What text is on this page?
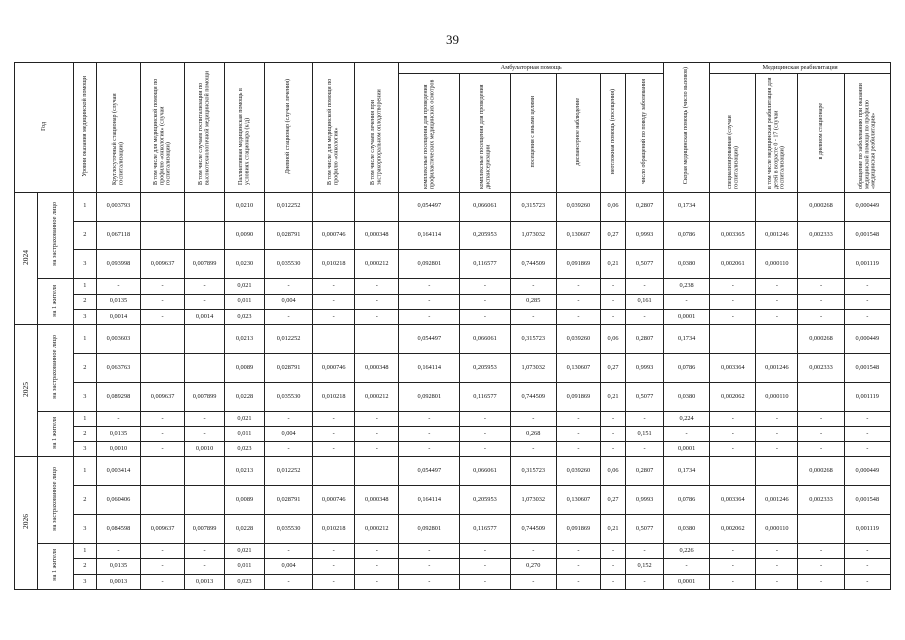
39
Год		Уровни оказания медицинской помощи	Круглосуточный стационар (случаи госпитализации)	В том числе для медицинской помощи по профилю «онкология» (случаи госпитализации)	В том числе случаев госпитализации по высокотехнологичной медицинской помощи	Паллиативная медицинская помощь в условиях стационара (к/д)	Дневной стационар (случаи лечения)	В том числе для медицинской помощи по профилю «онкология»	В том числе случаев лечения при экстракорпоральном оплодотворении	Амбулаторная помощь						Скорая медицинская помощь (число вызовов)	Медицинская реабилитация			
										комплексные посещения для проведения профилактических медицинских осмотров	комплексные посещения для проведения диспансеризации	посещения с иными целями	диспансерное наблюдение	неотложная помощь (посещения)	число обращений по поводу заболевания		специализированная (случаи госпитализации)	в том числе медицинская реабилитация для детей в возрасте 0 - 17 (случаи госпитализации)	в дневном стационаре	обращение по заболеванию при оказании медицинской помощи по профилю «медицинская реабилитация»
2024	на застрахованное лицо	1	0,003793			0,0210	0,012252			0,054497	0,066061	0,315723	0,039260	0,06	0,2807	0,1734			0,000268	0,000449
		2	0,067118			0,0090	0,028791	0,000746	0,000348	0,164114	0,205953	1,073032	0,130607	0,27	0,9993	0,0786	0,003365	0,001246	0,002333	0,001548
		3	0,093998	0,009637	0,007899	0,0230	0,035530	0,010218	0,000212	0,092801	0,116577	0,744509	0,091869	0,21	0,5077	0,0380	0,002061	0,000110		0,001119
	на 1 жителя	1	-	-	-	0,021	-	-	-	-	-	-	-	-	-	0,238	-	-	-	-
		2	0,0135	-	-	0,011	0,004	-	-	-	-	0,285	-	-	0,161	-	-	-	-	-
		3	0,0014	-	0,0014	0,023	-	-	-	-	-	-	-	-	-	0,0001	-	-	-	-
2025	на застрахованное лицо	1	0,003603			0,0213	0,012252			0,054497	0,066061	0,315723	0,039260	0,06	0,2807	0,1734			0,000268	0,000449
		2	0,063763			0,0089	0,028791	0,000746	0,000348	0,164114	0,205953	1,073032	0,130607	0,27	0,9993	0,0786	0,003364	0,001246	0,002333	0,001548
		3	0,089298	0,009637	0,007899	0,0228	0,035530	0,010218	0,000212	0,092801	0,116577	0,744509	0,091869	0,21	0,5077	0,0380	0,002062	0,000110		0,001119
	на 1 жителя	1	-	-	-	0,021	-	-	-	-	-	-	-	-	-	0,224	-	-	-	-
		2	0,0135	-	-	0,011	0,004	-	-	-	-	0,268	-	-	0,151	-	-	-	-	-
		3	0,0010	-	0,0010	0,023	-	-	-	-	-	-	-	-	-	0,0001	-	-	-	-
2026	на застрахованное лицо	1	0,003414			0,0213	0,012252			0,054497	0,066061	0,315723	0,039260	0,06	0,2807	0,1734			0,000268	0,000449
		2	0,060406			0,0089	0,028791	0,000746	0,000348	0,164114	0,205953	1,073032	0,130607	0,27	0,9993	0,0786	0,003364	0,001246	0,002333	0,001548
		3	0,084598	0,009637	0,007899	0,0228	0,035530	0,010218	0,000212	0,092801	0,116577	0,744509	0,091869	0,21	0,5077	0,0380	0,002062	0,000110		0,001119
	на 1 жителя	1	-	-	-	0,021	-	-	-	-	-	-	-	-	-	0,226	-	-	-	-
		2	0,0135	-	-	0,011	0,004	-	-	-	-	0,270	-	-	0,152	-	-	-	-	-
		3	0,0013	-	0,0013	0,023	-	-	-	-	-	-	-	-	-	0,0001	-	-	-	-
